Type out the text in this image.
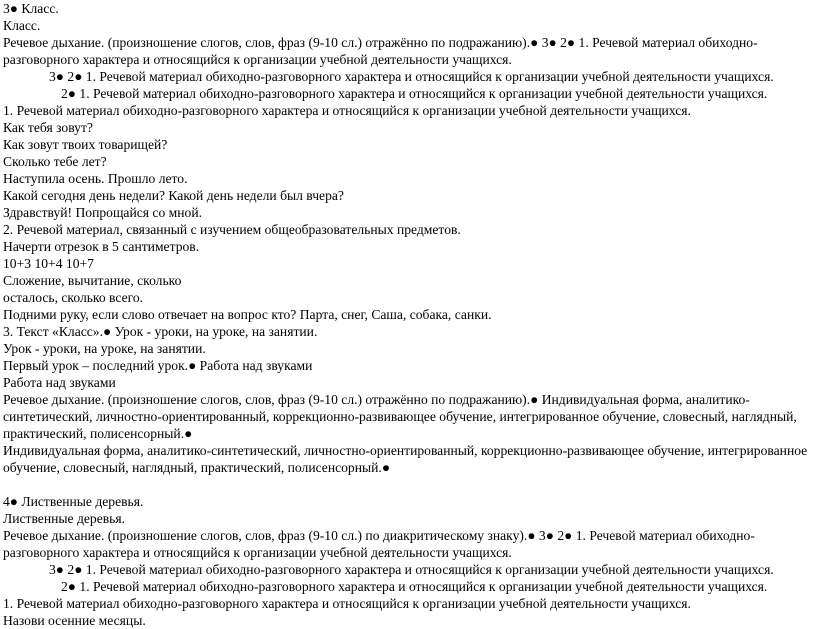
3● Класс.
Класс.
Речевое дыхание. (произношение слогов, слов, фраз (9-10 сл.) отражённо по подражанию).● 3● 2● 1. Речевой материал обиходно-
разговорного характера и относящийся к организации учебной деятельности учащихся.
3● 2● 1. Речевой материал обиходно-разговорного характера и относящийся к организации учебной деятельности учащихся.
2● 1. Речевой материал обиходно-разговорного характера и относящийся к организации учебной деятельности учащихся.
1. Речевой материал обиходно-разговорного характера и относящийся к организации учебной деятельности учащихся.
Как тебя зовут?
Как зовут твоих товарищей?
Сколько тебе лет?
Наступила осень. Прошло лето.
Какой сегодня день недели? Какой день недели был вчера?
Здравствуй! Попрощайся со мной.
2. Речевой материал, связанный с изучением общеобразовательных предметов.
Начерти отрезок в 5 сантиметров.
10+3 10+4 10+7
Сложение, вычитание, сколько
осталось, сколько всего.
Подними руку, если слово отвечает на вопрос кто? Парта, снег, Саша, собака, санки.
3. Текст «Класс».● Урок - уроки, на уроке, на занятии.
Урок - уроки, на уроке, на занятии.
Первый урок – последний урок.● Работа над звуками
Работа над звуками
Речевое дыхание. (произношение слогов, слов, фраз (9-10 сл.) отражённо по подражанию).● Индивидуальная форма, аналитико-
синтетический, личностно-ориентированный, коррекционно-развивающее обучение, интегрированное обучение, словесный, наглядный,
практический, полисенсорный.●
Индивидуальная форма, аналитико-синтетический, личностно-ориентированный, коррекционно-развивающее обучение, интегрированное
обучение, словесный, наглядный, практический, полисенсорный.●
4● Лиственные деревья.
Лиственные деревья.
Речевое дыхание. (произношение слогов, слов, фраз (9-10 сл.) по диакритическому знаку).● 3● 2● 1. Речевой материал обиходно-
разговорного характера и относящийся к организации учебной деятельности учащихся.
3● 2● 1. Речевой материал обиходно-разговорного характера и относящийся к организации учебной деятельности учащихся.
2● 1. Речевой материал обиходно-разговорного характера и относящийся к организации учебной деятельности учащихся.
1. Речевой материал обиходно-разговорного характера и относящийся к организации учебной деятельности учащихся.
Назови осенние месяцы.
